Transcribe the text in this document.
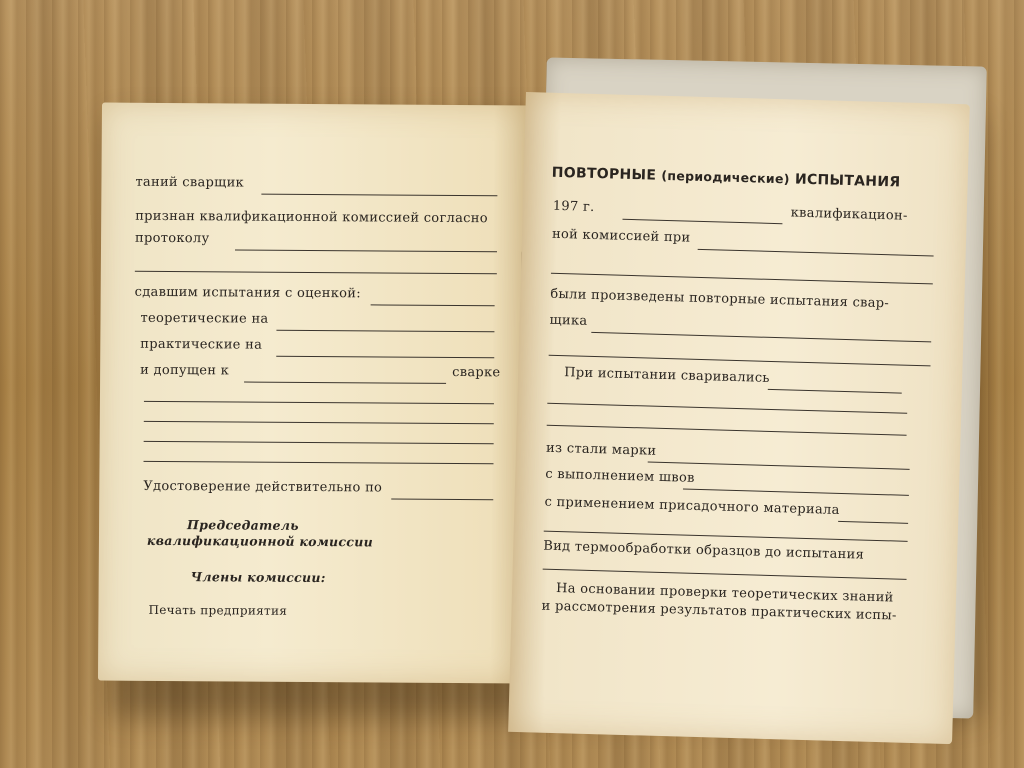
таний сварщик
признан квалификационной комиссией согласно
протоколу
сдавшим испытания с оценкой:
теоретические на
практические на
и допущен к	сварке
Удостоверение действительно по
Председатель
квалификационной комиссии
Члены комиссии:
Печать предприятия
ПОВТОРНЫЕ (периодические) ИСПЫТАНИЯ
197 г.	квалификацион-
ной комиссией при
были произведены повторные испытания свар-
щика
При испытании сваривались
из стали марки
с выполнением швов
с применением присадочного материала
Вид термообработки образцов до испытания
На основании проверки теоретических знаний
и рассмотрения результатов практических испы-
